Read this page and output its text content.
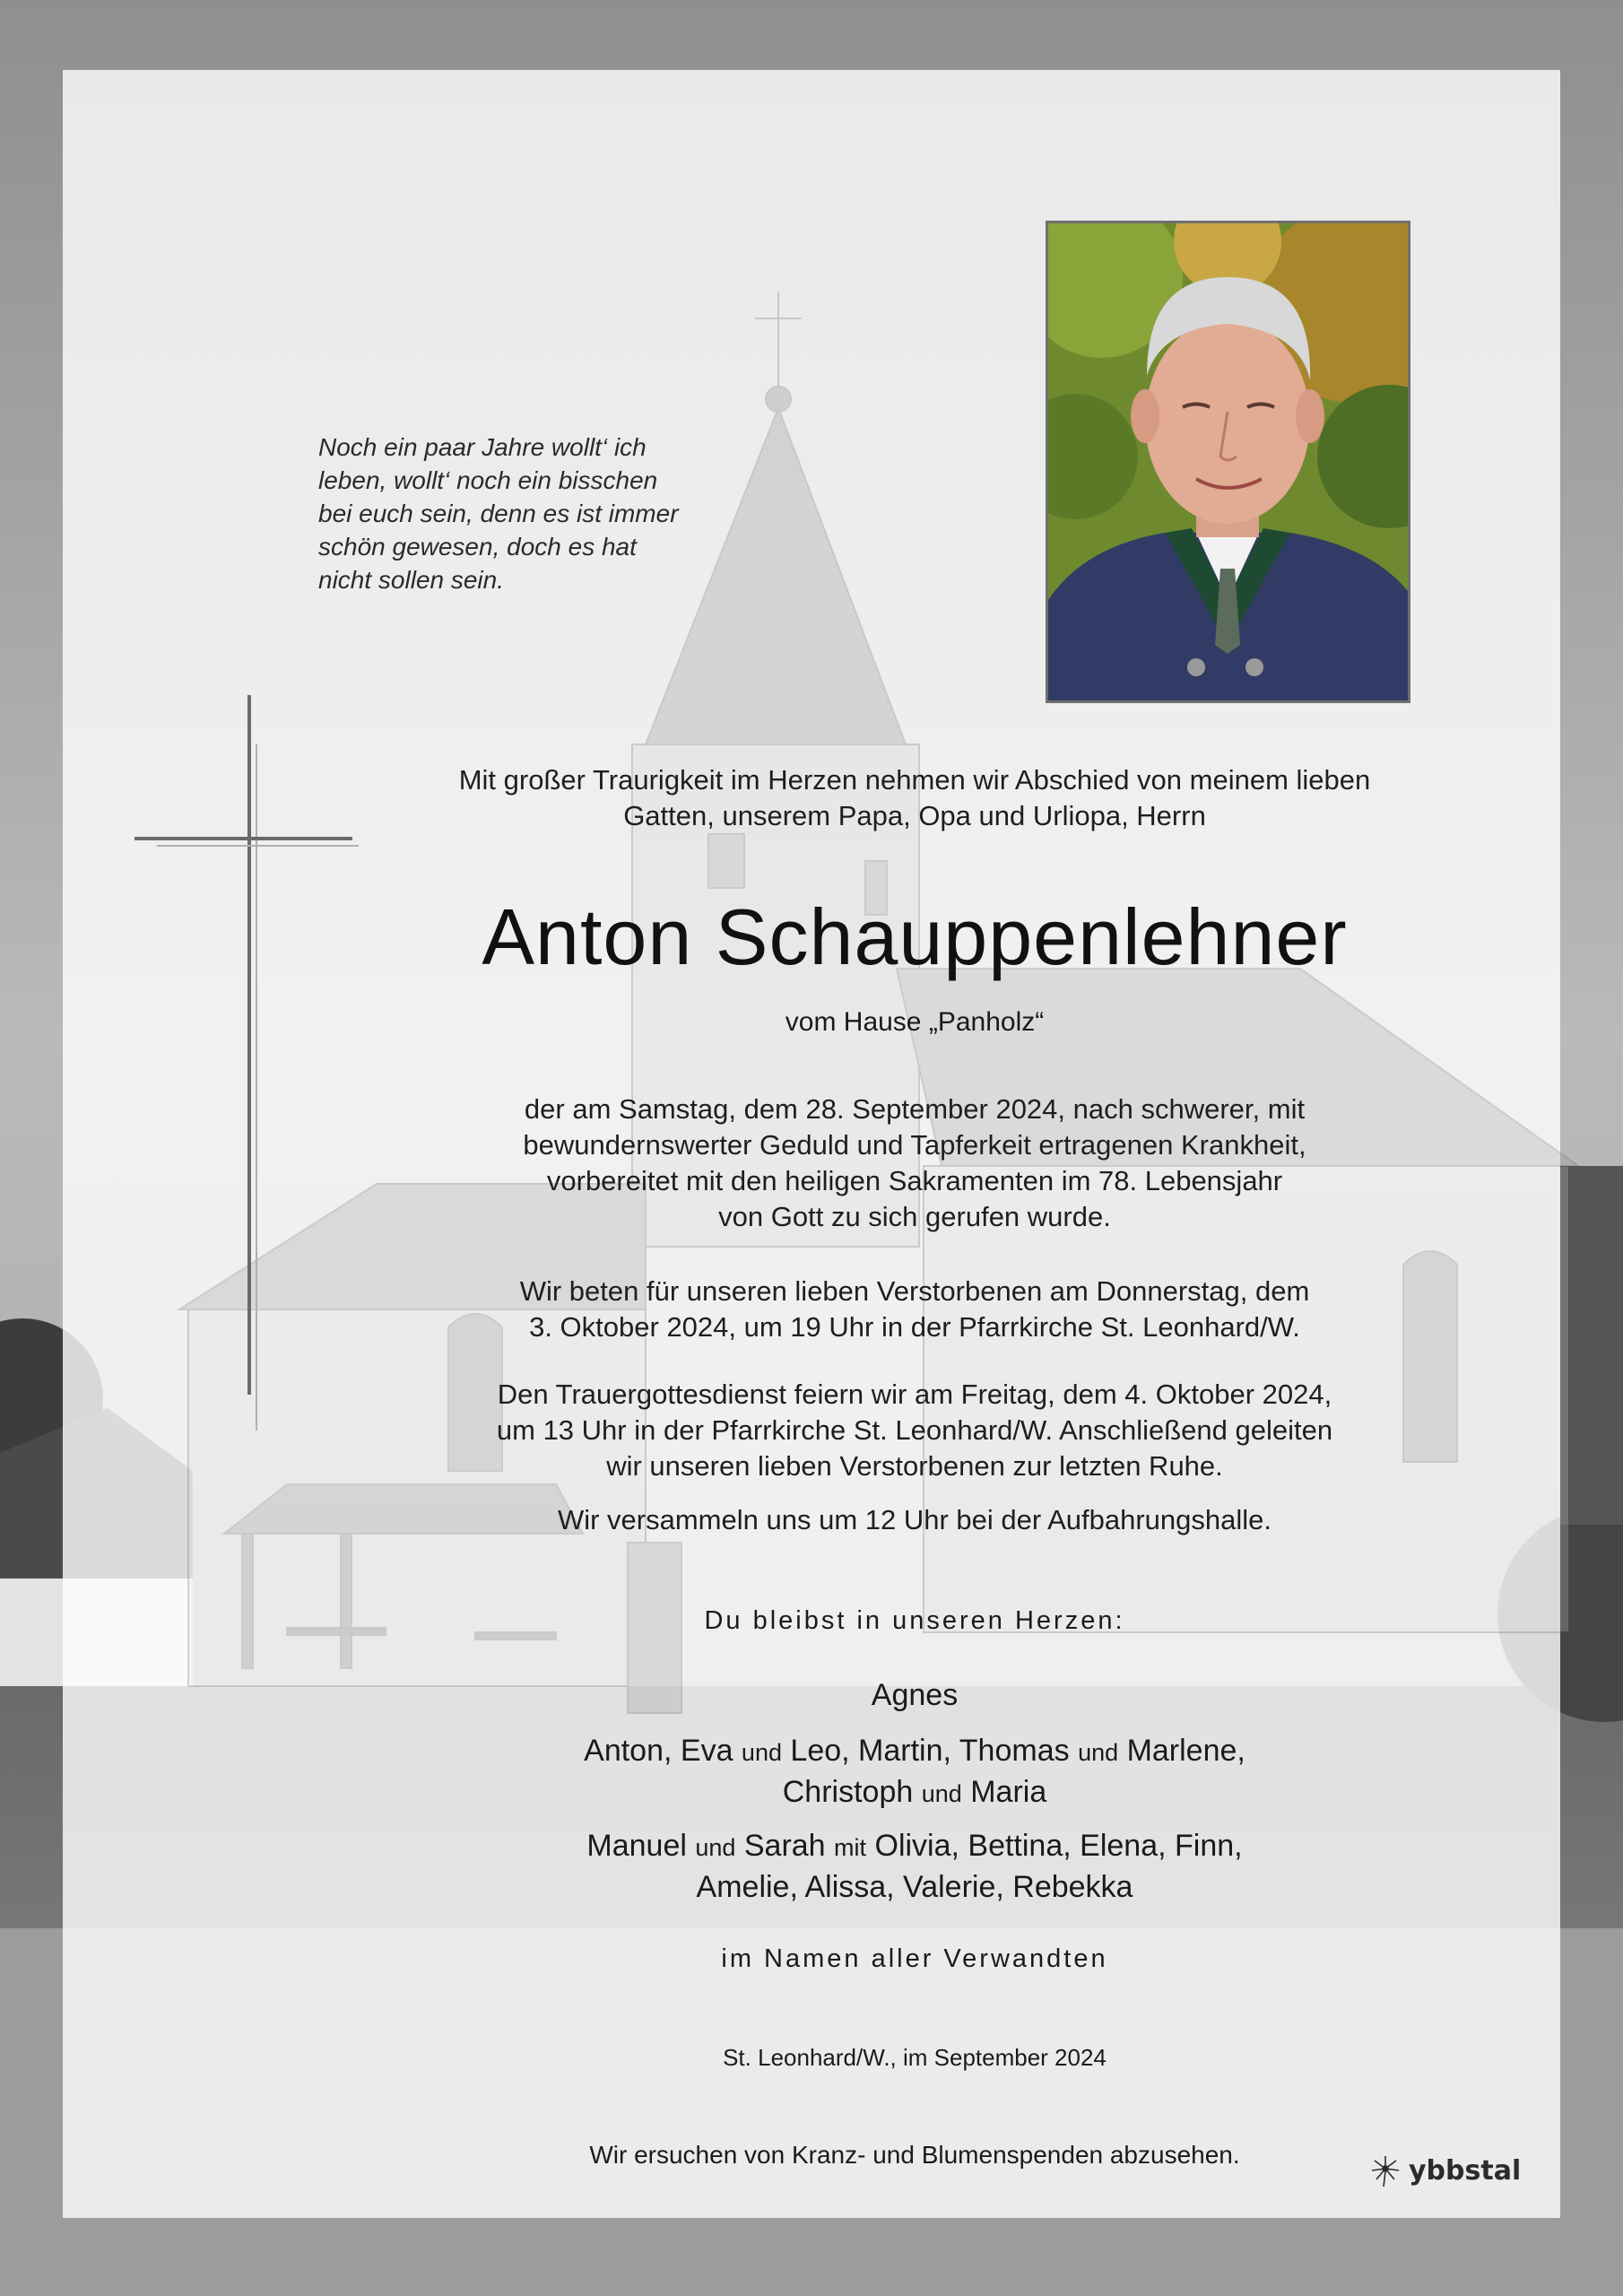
Noch ein paar Jahre wollt‘ ich
leben, wollt‘ noch ein bisschen
bei euch sein, denn es ist immer
schön gewesen, doch es hat
nicht sollen sein.
Mit großer Traurigkeit im Herzen nehmen wir Abschied von meinem lieben
Gatten, unserem Papa, Opa und Urliopa, Herrn
Anton Schauppenlehner
vom Hause „Panholz“
der am Samstag, dem 28. September 2024, nach schwerer, mit
bewundernswerter Geduld und Tapferkeit ertragenen Krankheit,
vorbereitet mit den heiligen Sakramenten im 78. Lebensjahr
von Gott zu sich gerufen wurde.
Wir beten für unseren lieben Verstorbenen am Donnerstag, dem
3. Oktober 2024, um 19 Uhr in der Pfarrkirche St. Leonhard/W.
Den Trauergottesdienst feiern wir am Freitag, dem 4. Oktober 2024,
um 13 Uhr in der Pfarrkirche St. Leonhard/W. Anschließend geleiten
wir unseren lieben Verstorbenen zur letzten Ruhe.
Wir versammeln uns um 12 Uhr bei der Aufbahrungshalle.
Du bleibst in unseren Herzen:
Agnes
Anton, Eva und Leo, Martin, Thomas und Marlene,
Christoph und Maria
Manuel und Sarah mit Olivia, Bettina, Elena, Finn,
Amelie, Alissa, Valerie, Rebekka
im Namen aller Verwandten
St. Leonhard/W., im September 2024
Wir ersuchen von Kranz- und Blumenspenden abzusehen.	ybbstal
